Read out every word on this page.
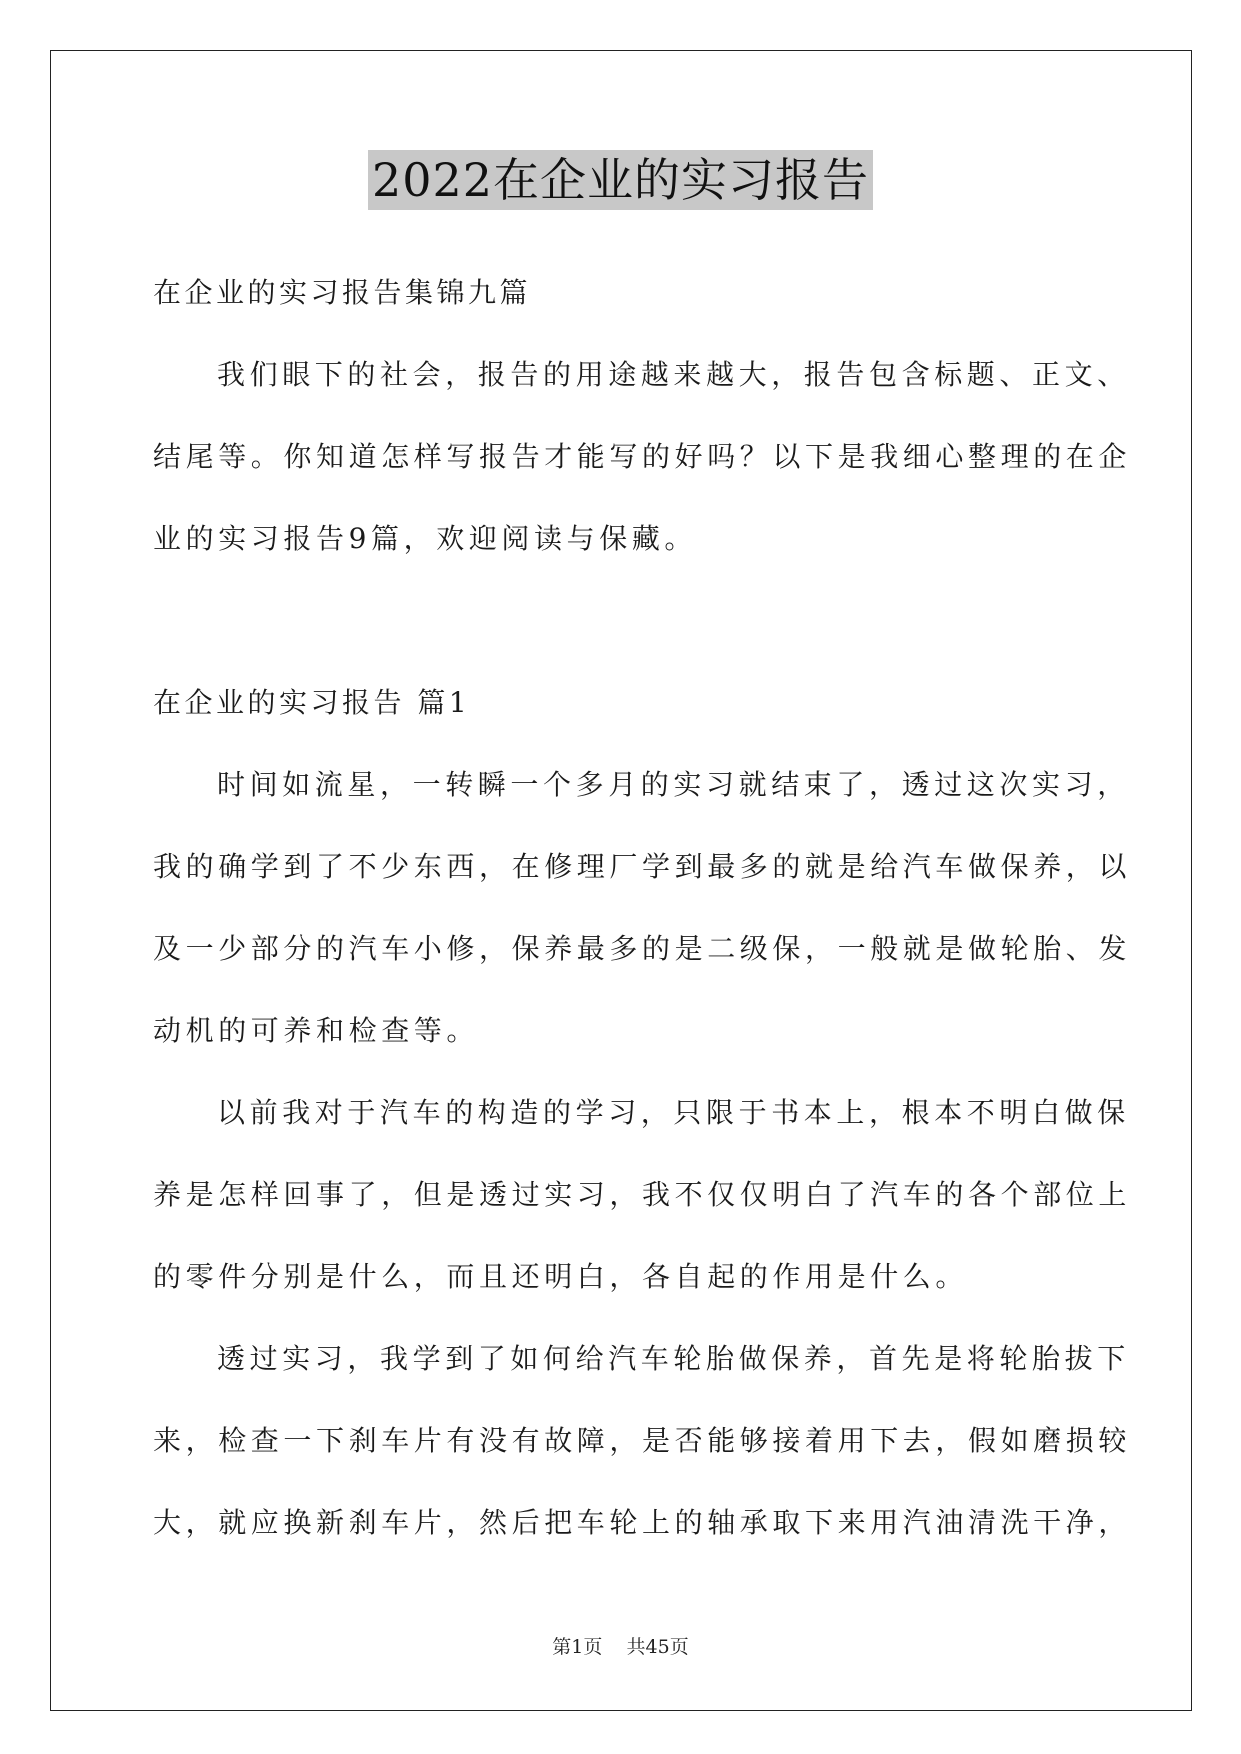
2022在企业的实习报告
在企业的实习报告集锦九篇
我们眼下的社会，报告的用途越来越大，报告包含标题、正文、
结尾等。你知道怎样写报告才能写的好吗？以下是我细心整理的在企
业的实习报告9篇，欢迎阅读与保藏。
在企业的实习报告 篇1
时间如流星，一转瞬一个多月的实习就结束了，透过这次实习，
我的确学到了不少东西，在修理厂学到最多的就是给汽车做保养，以
及一少部分的汽车小修，保养最多的是二级保，一般就是做轮胎、发
动机的可养和检查等。
以前我对于汽车的构造的学习，只限于书本上，根本不明白做保
养是怎样回事了，但是透过实习，我不仅仅明白了汽车的各个部位上
的零件分别是什么，而且还明白，各自起的作用是什么。
透过实习，我学到了如何给汽车轮胎做保养，首先是将轮胎拔下
来，检查一下刹车片有没有故障，是否能够接着用下去，假如磨损较
大，就应换新刹车片，然后把车轮上的轴承取下来用汽油清洗干净，
第1页    共45页
